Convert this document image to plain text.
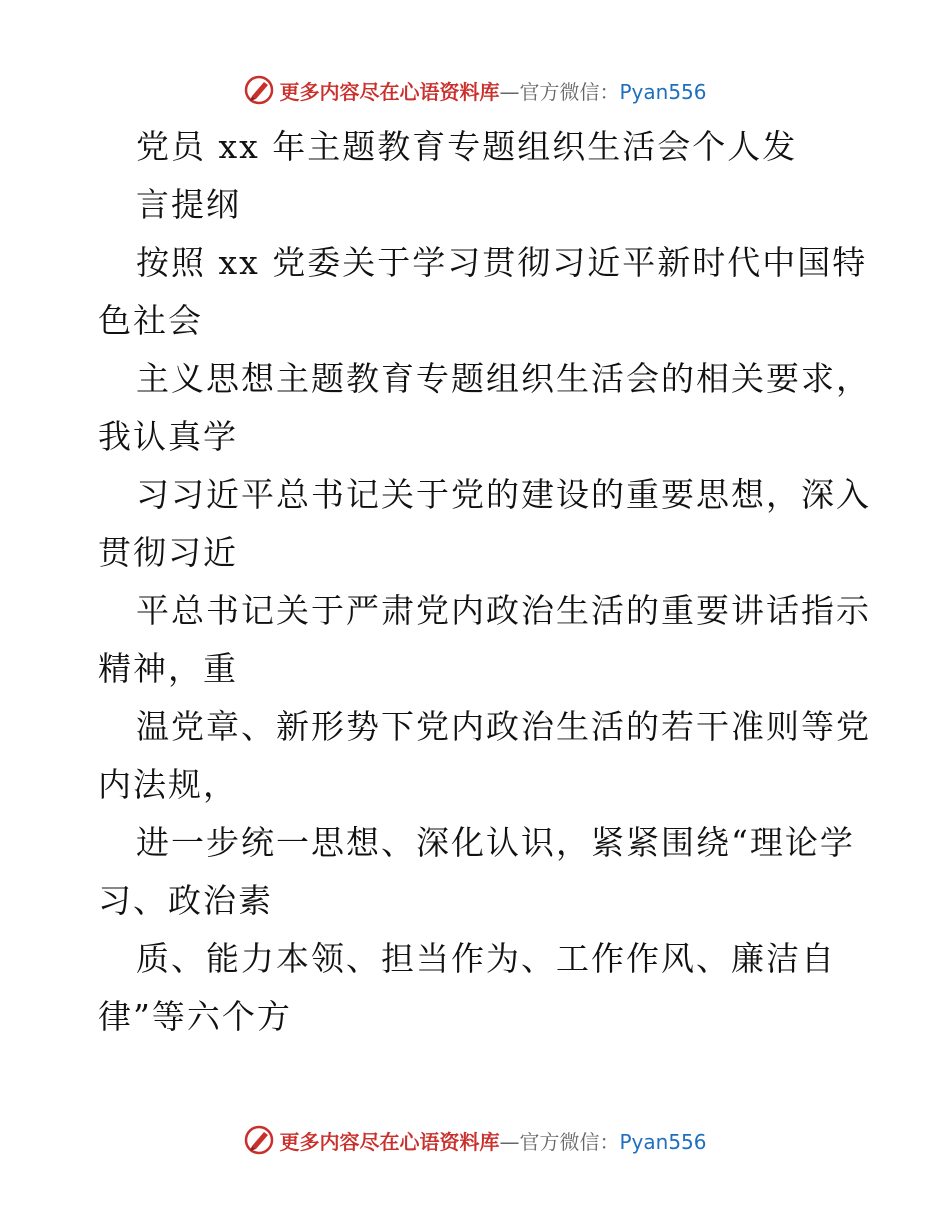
更多内容尽在心语资料库—官方微信：Pyan556
党员 xx 年主题教育专题组织生活会个人发
言提纲
按照 xx 党委关于学习贯彻习近平新时代中国特
色社会
主义思想主题教育专题组织生活会的相关要求，
我认真学
习习近平总书记关于党的建设的重要思想，深入
贯彻习近
平总书记关于严肃党内政治生活的重要讲话指示
精神，重
温党章、新形势下党内政治生活的若干准则等党
内法规，
进一步统一思想、深化认识，紧紧围绕“理论学
习、政治素
质、能力本领、担当作为、工作作风、廉洁自
律”等六个方
更多内容尽在心语资料库—官方微信：Pyan556
